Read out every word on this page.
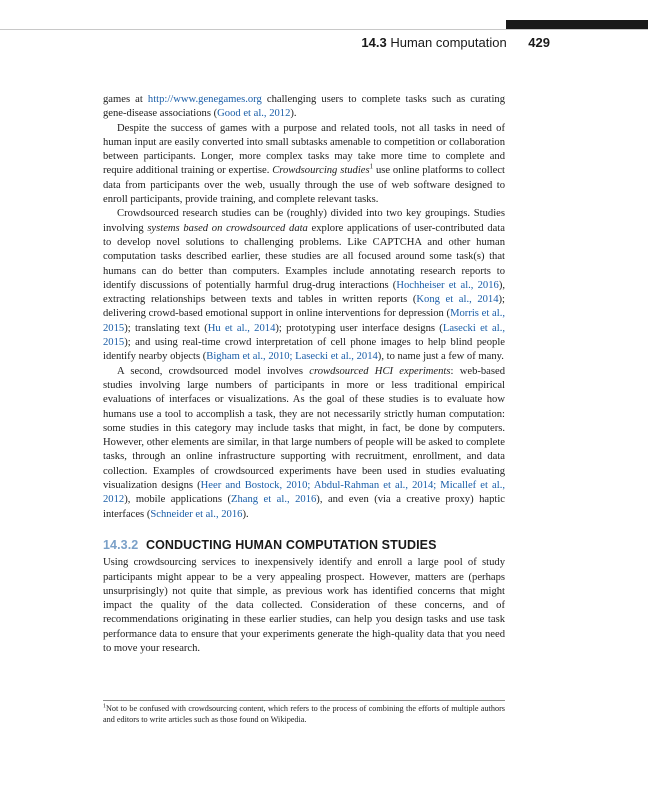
14.3 Human computation 429

games at http://www.genegames.org challenging users to complete tasks such as curating gene-disease associations (Good et al., 2012).

Despite the success of games with a purpose and related tools, not all tasks in need of human input are easily converted into small subtasks amenable to competition or collaboration between participants. Longer, more complex tasks may take more time to complete and require additional training or expertise. Crowdsourcing studies$^1$ use online platforms to collect data from participants over the web, usually through the use of web software designed to enroll participants, provide training, and complete relevant tasks.

Crowdsourced research studies can be (roughly) divided into two key groupings. Studies involving systems based on crowdsourced data explore applications of user-contributed data to develop novel solutions to challenging problems. Like CAPTCHA and other human computation tasks described earlier, these studies are all focused around some task(s) that humans can do better than computers. Examples include annotating research reports to identify discussions of potentially harmful drug-drug interactions (Hochheiser et al., 2016), extracting relationships between texts and tables in written reports (Kong et al., 2014); delivering crowd-based emotional support in online interventions for depression (Morris et al., 2015); translating text (Hu et al., 2014); prototyping user interface designs (Lasecki et al., 2015); and using real-time crowd interpretation of cell phone images to help blind people identify nearby objects (Bigham et al., 2010; Lasecki et al., 2014), to name just a few of many.

A second, crowdsourced model involves crowdsourced HCI experiments: web-based studies involving large numbers of participants in more or less traditional empirical evaluations of interfaces or visualizations. As the goal of these studies is to evaluate how humans use a tool to accomplish a task, they are not necessarily strictly human computation: some studies in this category may include tasks that might, in fact, be done by computers. However, other elements are similar, in that large numbers of people will be asked to complete tasks, through an online infrastructure supporting with recruitment, enrollment, and data collection. Examples of crowdsourced experiments have been used in studies evaluating visualization designs (Heer and Bostock, 2010; Abdul-Rahman et al., 2014; Micallef et al., 2012), mobile applications (Zhang et al., 2016), and even (via a creative proxy) haptic interfaces (Schneider et al., 2016).

14.3.2 CONDUCTING HUMAN COMPUTATION STUDIES

Using crowdsourcing services to inexpensively identify and enroll a large pool of study participants might appear to be a very appealing prospect. However, matters are (perhaps unsurprisingly) not quite that simple, as previous work has identified concerns that might impact the quality of the data collected. Consideration of these concerns, and of recommendations originating in these earlier studies, can help you design tasks and use task performance data to ensure that your experiments generate the high-quality data that you need to move your research.

$^1$Not to be confused with crowdsourcing content, which refers to the process of combining the efforts of multiple authors and editors to write articles such as those found on Wikipedia.
